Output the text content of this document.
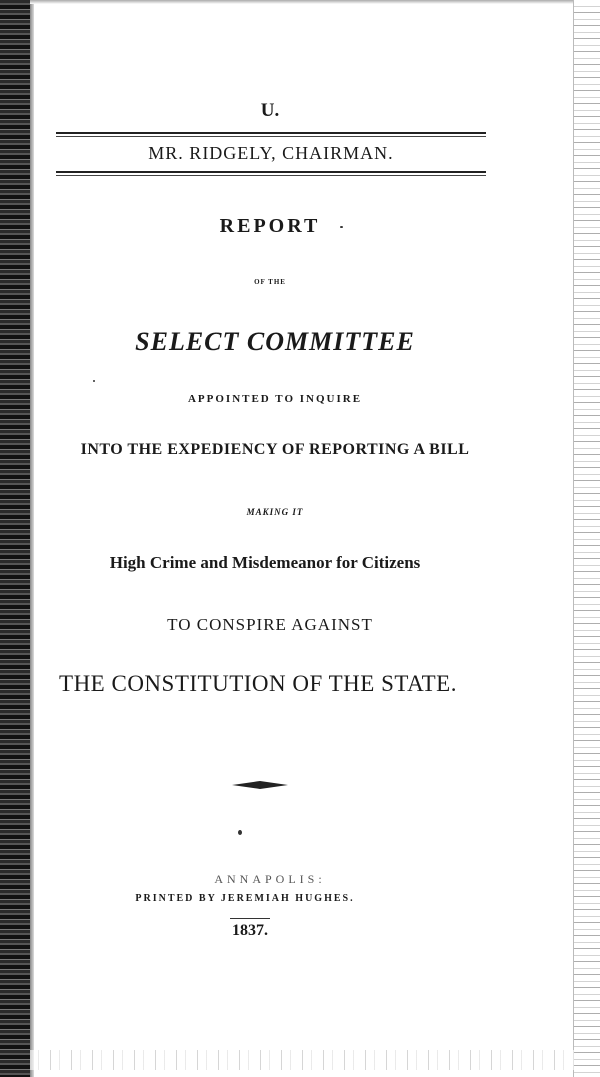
U.
MR. RIDGELY, CHAIRMAN.
REPORT
OF THE
SELECT COMMITTEE
APPOINTED TO INQUIRE
INTO THE EXPEDIENCY OF REPORTING A BILL
MAKING IT
High Crime and Misdemeanor for Citizens
TO CONSPIRE AGAINST
THE CONSTITUTION OF THE STATE.
ANNAPOLIS:
PRINTED BY JEREMIAH HUGHES.
1837.
